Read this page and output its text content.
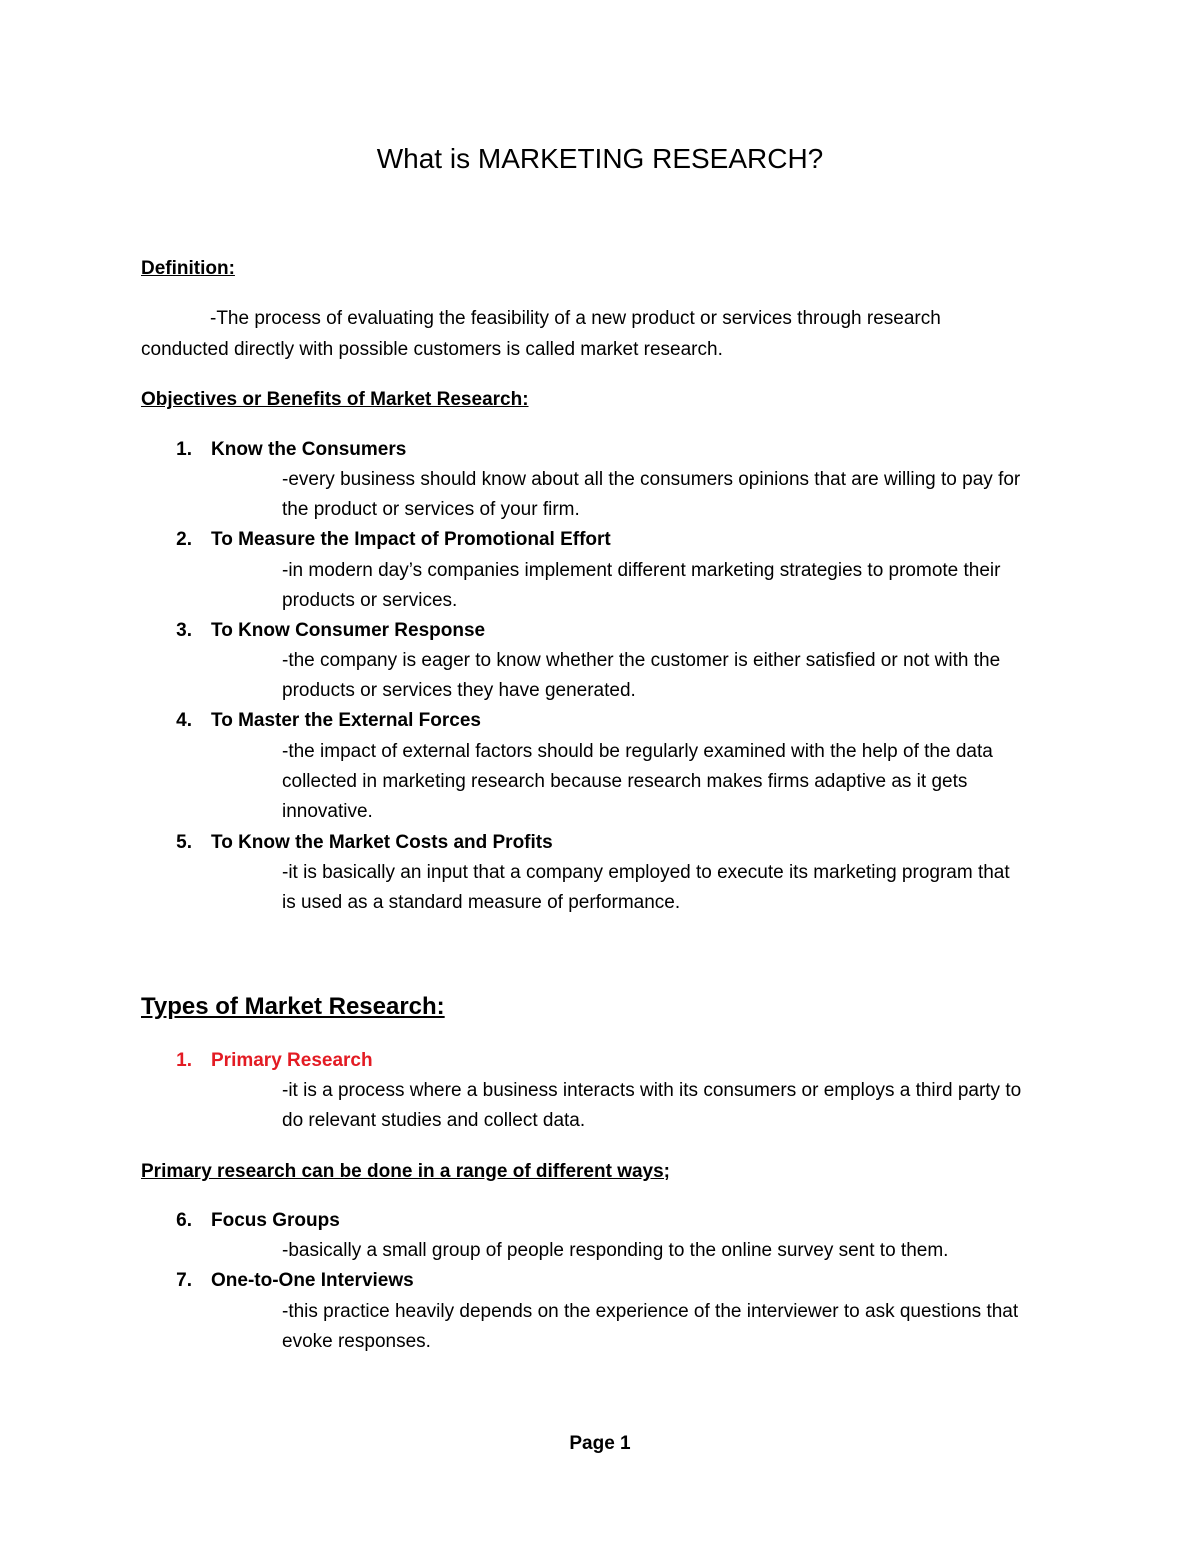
What is MARKETING RESEARCH?
Definition:
-The process of evaluating the feasibility of a new product or services through research
conducted directly with possible customers is called market research.
Objectives or Benefits of Market Research:
1. Know the Consumers
-every business should know about all the consumers opinions that are willing to pay for
the product or services of your firm.
2. To Measure the Impact of Promotional Effort
-in modern day’s companies implement different marketing strategies to promote their
products or services.
3. To Know Consumer Response
-the company is eager to know whether the customer is either satisfied or not with the
products or services they have generated.
4. To Master the External Forces
-the impact of external factors should be regularly examined with the help of the data
collected in marketing research because research makes firms adaptive as it gets
innovative.
5. To Know the Market Costs and Profits
-it is basically an input that a company employed to execute its marketing program that
is used as a standard measure of performance.
Types of Market Research:
1. Primary Research
-it is a process where a business interacts with its consumers or employs a third party to
do relevant studies and collect data.
Primary research can be done in a range of different ways;
6. Focus Groups
-basically a small group of people responding to the online survey sent to them.
7. One-to-One Interviews
-this practice heavily depends on the experience of the interviewer to ask questions that
evoke responses.
Page 1
